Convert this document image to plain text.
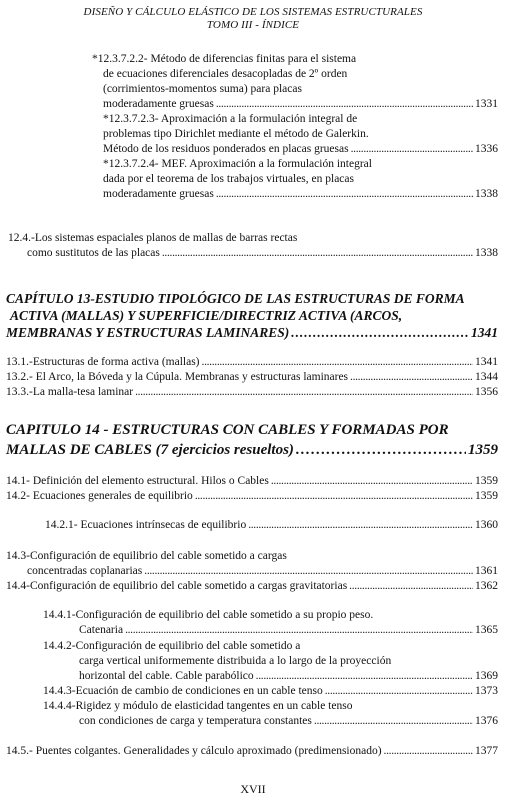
DISEÑO Y CÁLCULO ELÁSTICO DE LOS SISTEMAS ESTRUCTURALES
TOMO III - ÍNDICE
*12.3.7.2.2- Método de diferencias finitas para el sistema
de ecuaciones diferenciales desacopladas de 2º orden
(corrimientos-momentos suma) para placas
moderadamente gruesas . . .	1331
*12.3.7.2.3- Aproximación a la formulación integral de
problemas tipo Dirichlet mediante el método de Galerkin.
Método de los residuos ponderados en placas gruesas . . .	1336
*12.3.7.2.4- MEF. Aproximación a la formulación integral
dada por el teorema de los trabajos virtuales, en placas
moderadamente gruesas . . .	1338
12.4.-Los sistemas espaciales planos de mallas de barras rectas
como sustitutos de las placas . . .	1338
CAPÍTULO 13-ESTUDIO TIPOLÓGICO DE LAS ESTRUCTURAS DE FORMA
ACTIVA (MALLAS) Y SUPERFICIE/DIRECTRIZ ACTIVA (ARCOS,
MEMBRANAS Y ESTRUCTURAS LAMINARES) . . .	1341
13.1.-Estructuras de forma activa (mallas) . . .	1341
13.2.- El Arco, la Bóveda y la Cúpula. Membranas y estructuras laminares . . .	1344
13.3.-La malla-tesa laminar . . .	1356
CAPITULO 14 - ESTRUCTURAS CON CABLES Y FORMADAS POR
MALLAS DE CABLES (7 ejercicios resueltos) . . .	1359
14.1- Definición del elemento estructural. Hilos o Cables . . .	1359
14.2- Ecuaciones generales de equilibrio . . .	1359
14.2.1- Ecuaciones intrínsecas de equilibrio . . .	1360
14.3-Configuración de equilibrio del cable sometido a cargas
concentradas coplanarias . . .	1361
14.4-Configuración de equilibrio del cable sometido a cargas gravitatorias . . .	1362
14.4.1-Configuración de equilibrio del cable sometido a su propio peso.
Catenaria . . .	1365
14.4.2-Configuración de equilibrio del cable sometido a
carga vertical uniformemente distribuida a lo largo de la proyección
horizontal del cable. Cable parabólico . . .	1369
14.4.3-Ecuación de cambio de condiciones en un cable tenso . . .	1373
14.4.4-Rigidez y módulo de elasticidad tangentes en un cable tenso
con condiciones de carga y temperatura constantes . . .	1376
14.5.- Puentes colgantes. Generalidades y cálculo aproximado (predimensionado) . . .	1377
XVII
